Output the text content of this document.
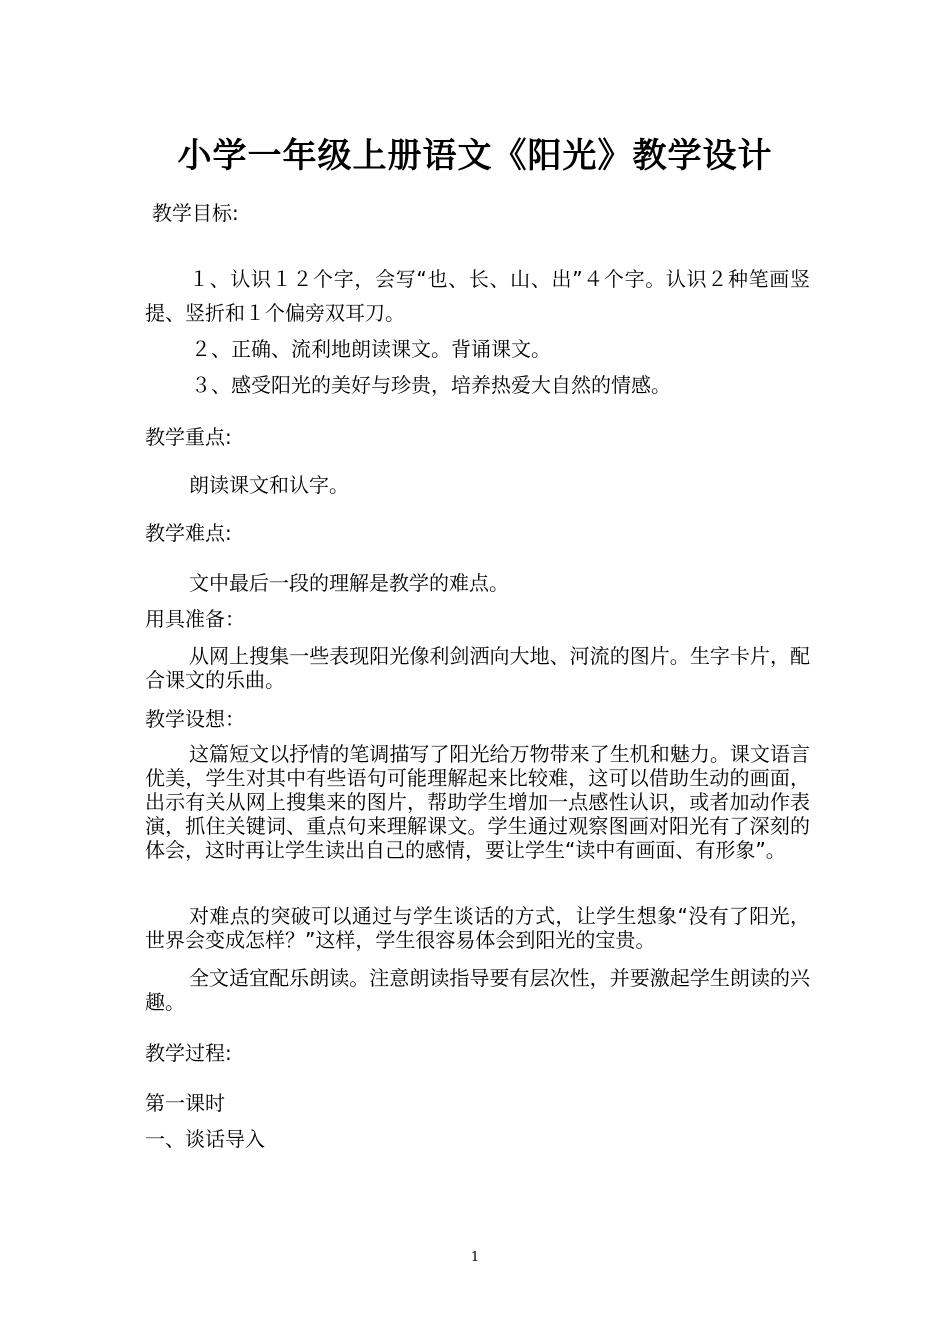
小学一年级上册语文《阳光》教学设计
教学目标:
１、认识１２个字，会写“也、长、山、出”４个字。认识２种笔画竖提、竖折和１个偏旁双耳刀。
２、正确、流利地朗读课文。背诵课文。
３、感受阳光的美好与珍贵，培养热爱大自然的情感。
教学重点:
朗读课文和认字。
教学难点:
文中最后一段的理解是教学的难点。
用具准备：
从网上搜集一些表现阳光像利剑洒向大地、河流的图片。生字卡片，配合课文的乐曲。
教学设想：
这篇短文以抒情的笔调描写了阳光给万物带来了生机和魅力。课文语言优美，学生对其中有些语句可能理解起来比较难，这可以借助生动的画面，出示有关从网上搜集来的图片，帮助学生增加一点感性认识，或者加动作表演，抓住关键词、重点句来理解课文。学生通过观察图画对阳光有了深刻的体会，这时再让学生读出自己的感情，要让学生“读中有画面、有形象”。
对难点的突破可以通过与学生谈话的方式，让学生想象“没有了阳光，世界会变成怎样？”这样，学生很容易体会到阳光的宝贵。
全文适宜配乐朗读。注意朗读指导要有层次性，并要激起学生朗读的兴趣。
教学过程:
第一课时
一、谈话导入
1
